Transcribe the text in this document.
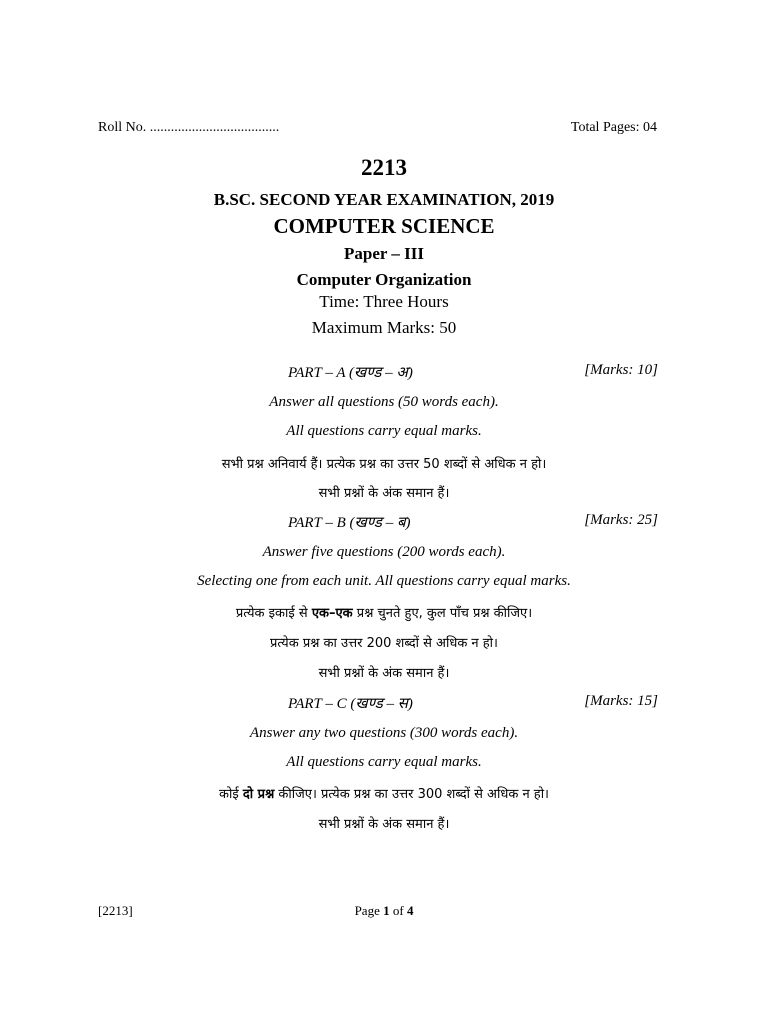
Roll No. .....................................	Total Pages: 04
2213
B.SC. SECOND YEAR EXAMINATION, 2019
COMPUTER SCIENCE
Paper – III
Computer Organization
Time: Three Hours
Maximum Marks: 50
PART – A (खण्ड – अ)	[Marks: 10]
Answer all questions (50 words each).
All questions carry equal marks.
सभी प्रश्न अनिवार्य हैं। प्रत्येक प्रश्न का उत्तर 50 शब्दों से अधिक न हो।
सभी प्रश्नों के अंक समान हैं।
PART – B (खण्ड – ब)	[Marks: 25]
Answer five questions (200 words each).
Selecting one from each unit. All questions carry equal marks.
प्रत्येक इकाई से एक–एक प्रश्न चुनते हुए, कुल पाँच प्रश्न कीजिए।
प्रत्येक प्रश्न का उत्तर 200 शब्दों से अधिक न हो।
सभी प्रश्नों के अंक समान हैं।
PART – C (खण्ड – स)	[Marks: 15]
Answer any two questions (300 words each).
All questions carry equal marks.
कोई दो प्रश्न कीजिए। प्रत्येक प्रश्न का उत्तर 300 शब्दों से अधिक न हो।
सभी प्रश्नों के अंक समान हैं।
[2213]	Page 1 of 4
